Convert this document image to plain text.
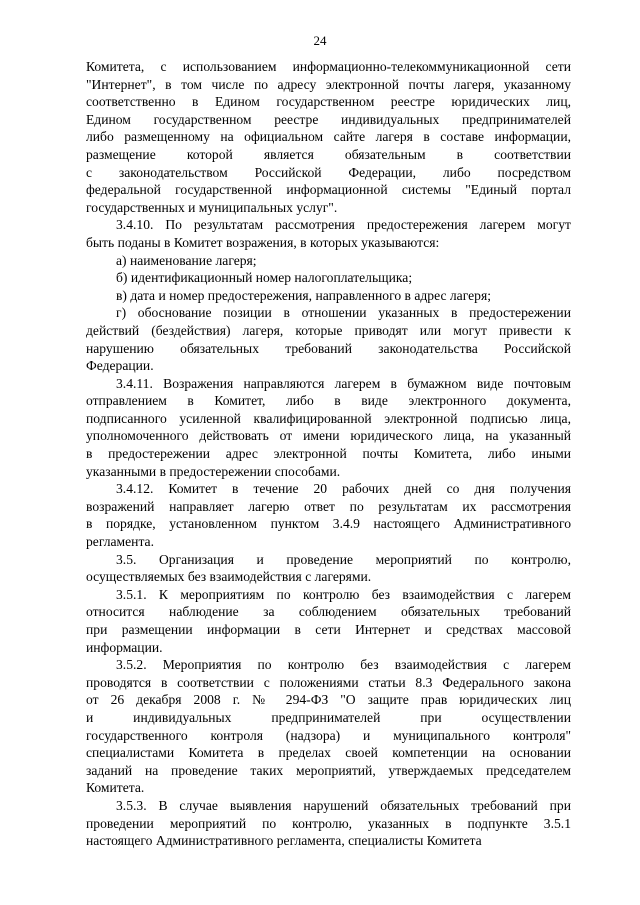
24

Комитета, с использованием информационно-телекоммуникационной сети
"Интернет", в том числе по адресу электронной почты лагеря, указанному
соответственно в Едином государственном реестре юридических лиц,
Едином государственном реестре индивидуальных предпринимателей
либо размещенному на официальном сайте лагеря в составе информации,
размещение которой является обязательным в соответствии
с законодательством Российской Федерации, либо посредством
федеральной государственной информационной системы "Единый портал
государственных и муниципальных услуг".

3.4.10. По результатам рассмотрения предостережения лагерем могут
быть поданы в Комитет возражения, в которых указываются:

а) наименование лагеря;

б) идентификационный номер налогоплательщика;

в) дата и номер предостережения, направленного в адрес лагеря;

г) обоснование позиции в отношении указанных в предостережении
действий (бездействия) лагеря, которые приводят или могут привести к
нарушению обязательных требований законодательства Российской
Федерации.

3.4.11. Возражения направляются лагерем в бумажном виде почтовым
отправлением в Комитет, либо в виде электронного документа,
подписанного усиленной квалифицированной электронной подписью лица,
уполномоченного действовать от имени юридического лица, на указанный
в предостережении адрес электронной почты Комитета, либо иными
указанными в предостережении способами.

3.4.12. Комитет в течение 20 рабочих дней со дня получения
возражений направляет лагерю ответ по результатам их рассмотрения
в порядке, установленном пунктом 3.4.9 настоящего Административного
регламента.

3.5. Организация и проведение мероприятий по контролю,
осуществляемых без взаимодействия с лагерями.

3.5.1. К мероприятиям по контролю без взаимодействия с лагерем
относится наблюдение за соблюдением обязательных требований
при размещении информации в сети Интернет и средствах массовой
информации.

3.5.2. Мероприятия по контролю без взаимодействия с лагерем
проводятся в соответствии с положениями статьи 8.3 Федерального закона
от 26 декабря 2008 г. № 294-ФЗ "О защите прав юридических лиц
и индивидуальных предпринимателей при осуществлении
государственного контроля (надзора) и муниципального контроля"
специалистами Комитета в пределах своей компетенции на основании
заданий на проведение таких мероприятий, утверждаемых председателем
Комитета.

3.5.3. В случае выявления нарушений обязательных требований при
проведении мероприятий по контролю, указанных в подпункте 3.5.1
настоящего Административного регламента, специалисты Комитета
